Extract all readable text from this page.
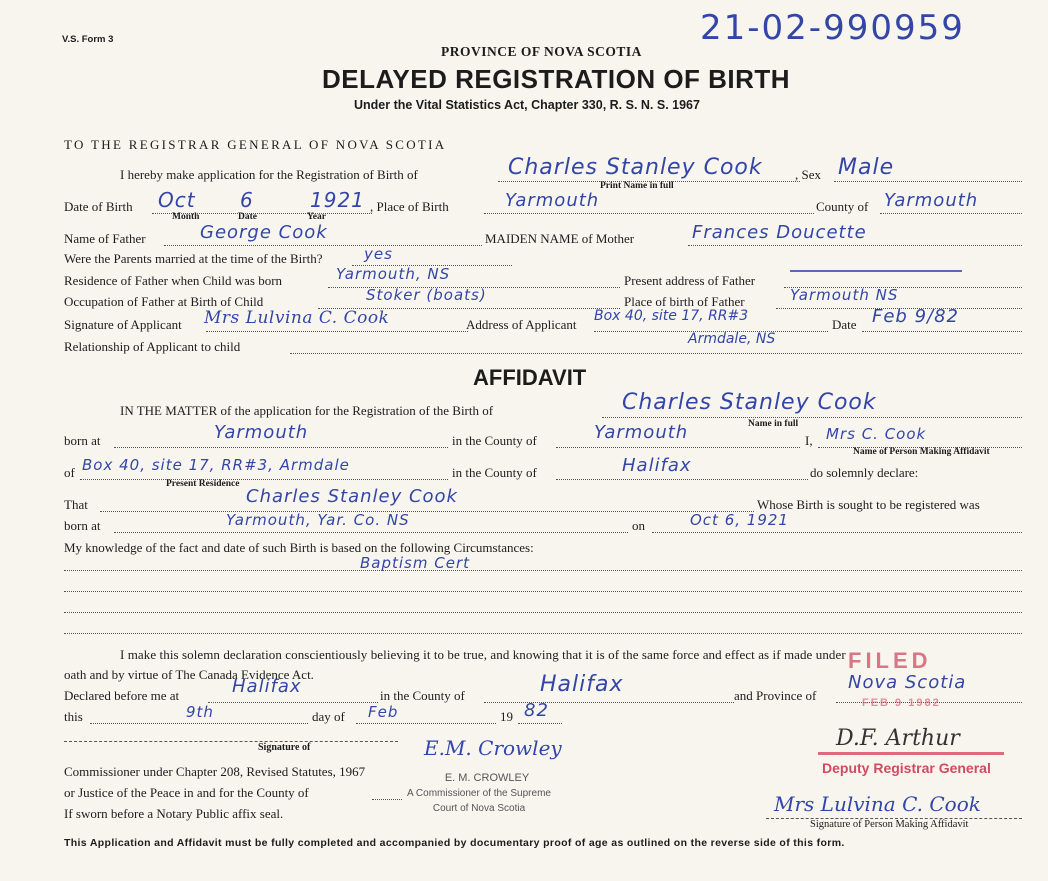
V.S. Form 3	21-02-990959
PROVINCE OF NOVA SCOTIA
DELAYED REGISTRATION OF BIRTH
Under the Vital Statistics Act, Chapter 330, R. S. N. S. 1967
TO THE REGISTRAR GENERAL OF NOVA SCOTIA
I hereby make application for the Registration of Birth of	Charles Stanley Cook
Print Name in full
, Sex Male
Date of Birth Oct 6	1921
Month	Date	Year
, Place of Birth	Yarmouth	County of Yarmouth
Name of Father	George Cook	MAIDEN NAME of Mother	Frances Doucette
Were the Parents married at the time of the Birth?	yes
Residence of Father when Child was born	Yarmouth, NS	Present address of Father
Occupation of Father at Birth of Child	Stoker (boats)	Place of birth of Father	Yarmouth NS
Signature of Applicant Mrs Lulvina C. Cook	Address of Applicant
Box 40, site 17, RR#3
Armdale, NS
Date Feb 9/82
Relationship of Applicant to child
AFFIDAVIT
IN THE MATTER of the application for the Registration of the Birth of	Charles Stanley Cook
Name in full
born at	Yarmouth	in the County of	Yarmouth	I, Mrs C. Cook
Name of Person Making Affidavit
of Box 40, site 17, RR#3, Armdale
Present Residence
in the County of	Halifax	do solemnly declare:
That	Charles Stanley Cook	Whose Birth is sought to be registered was
born at	Yarmouth, Yar. Co. NS	on	Oct 6, 1921
My knowledge of the fact and date of such Birth is based on the following Circumstances:
Baptism Cert
I make this solemn declaration conscientiously believing it to be true, and knowing that it is of the same force and effect as if made under
oath and by virtue of The Canada Evidence Act.
Declared before me at	Halifax	in the County of	Halifax	and Province of
Nova Scotia
this	9th	day of Feb	19 82
Signature of
Commissioner under Chapter 208, Revised Statutes, 1967
or Justice of the Peace in and for the County of
If sworn before a Notary Public affix seal.
E.M. Crowley
E. M. CROWLEY
A Commissioner of the Supreme
Court of Nova Scotia
FILED
FEB 9 1982
D.F. Arthur
Deputy Registrar General
Mrs Lulvina C. Cook
Signature of Person Making Affidavit
This Application and Affidavit must be fully completed and accompanied by documentary proof of age as outlined on the reverse side of this form.
